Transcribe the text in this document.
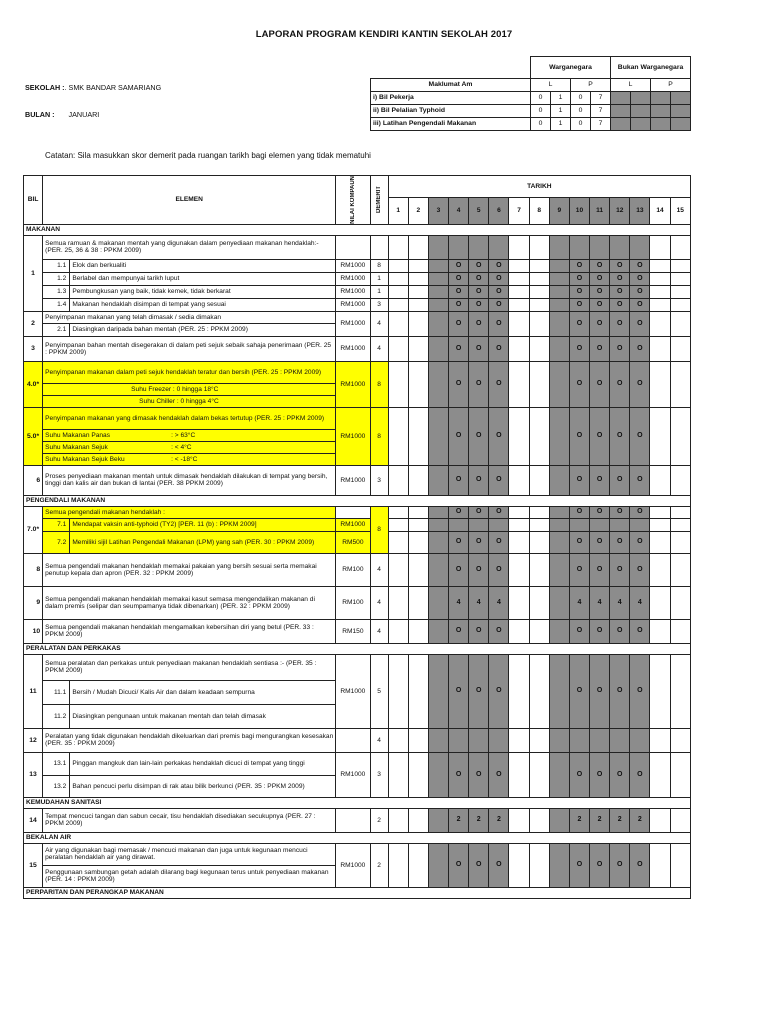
LAPORAN PROGRAM KENDIRI KANTIN SEKOLAH 2017
SEKOLAH :. SMK BANDAR SAMARIANG
BULAN : JANUARI
	Warganegara				Bukan Warganegara			
Maklumat Am	L		P		L		P	
i) Bil Pekerja	0	1	0	7				
ii) Bil Pelalian Typhoid	0	1	0	7				
iii) Latihan Pengendali Makanan	0	1	0	7				
Catatan: Sila masukkan skor demerit pada ruangan tarikh bagi elemen yang tidak mematuhi
BIL	ELEMEN		NILAI KOMPAUN	DEMERIT	TARIKH														
					1	2	3	4	5	6	7	8	9	10	11	12	13	14	15
MAKANAN																			
1	Semua ramuan & makanan mentah yang digunakan dalam penyediaan makanan hendaklah:- (PER. 25, 36 & 38 : PPKM 2009)																		
	1.1	Elok dan berkualiti	RM1000	8				O	O	O				O	O	O	O		
	1.2	Berlabel dan mempunyai tarikh luput	RM1000	1				O	O	O				O	O	O	O		
	1.3	Pembungkusan yang baik, tidak kemek, tidak berkarat	RM1000	1				O	O	O				O	O	O	O		
	1.4	Makanan hendaklah disimpan di tempat yang sesuai	RM1000	3				O	O	O				O	O	O	O		
2	Penyimpanan makanan yang telah dimasak / sedia dimakan		RM1000	4				O	O	O				O	O	O	O		
	2.1	Diasingkan daripada bahan mentah (PER. 25 : PPKM 2009)																	
3	Penyimpanan bahan mentah disegerakan di dalam peti sejuk sebaik sahaja penerimaan (PER. 25 : PPKM 2009)		RM1000	4				O	O	O				O	O	O	O		
4.0*	Penyimpanan makanan dalam peti sejuk hendaklah teratur dan bersih (PER. 25 : PPKM 2009)		RM1000	8				O	O	O				O	O	O	O		
	Suhu Freezer : 0 hingga 18°C																		
	Suhu Chiller : 0 hingga 4°C																		
5.0*	Penyimpanan makanan yang dimasak hendaklah dalam bekas tertutup (PER. 25 : PPKM 2009)		RM1000	8				O	O	O				O	O	O	O		
	Suhu Makanan Panas : > 63°C																		
	Suhu Makanan Sejuk : < 4°C																		
	Suhu Makanan Sejuk Beku : < -18°C																		
6	Proses penyediaan makanan mentah untuk dimasak hendaklah dilakukan di tempat yang bersih, tinggi dan kalis air dan bukan di lantai (PER. 38 PPKM 2009)		RM1000	3				O	O	O				O	O	O	O		
PENGENDALI MAKANAN																			
7.0*	Semua pengendali makanan hendaklah :			8				O	O	O				O	O	O	O		
	7.1	Mendapat vaksin anti-typhoid (TY2) [PER. 11 (b) : PPKM 2009]	RM1000																
	7.2	Memiliki sijil Latihan Pengendali Makanan (LPM) yang sah (PER. 30 : PPKM 2009)	RM500					O	O	O				O	O	O	O		
8	Semua pengendali makanan hendaklah memakai pakaian yang bersih sesuai serta memakai penutup kepala dan apron (PER. 32 : PPKM 2009)		RM100	4				O	O	O				O	O	O	O		
9	Semua pengendali makanan hendaklah memakai kasut semasa mengendalikan makanan di dalam premis (selipar dan seumpamanya tidak dibenarkan) (PER. 32 : PPKM 2009)		RM100	4				4	4	4				4	4	4	4		
10	Semua pengendali makanan hendaklah mengamalkan kebersihan diri yang betul (PER. 33 : PPKM 2009)		RM150	4				O	O	O				O	O	O	O		
PERALATAN DAN PERKAKAS																			
11	Semua peralatan dan perkakas untuk penyediaan makanan hendaklah sentiasa :- (PER. 35 : PPKM 2009)		RM1000	5				O	O	O				O	O	O	O		
	11.1	Bersih / Mudah Dicuci/ Kalis Air dan dalam keadaan sempurna																	
	11.2	Diasingkan pengunaan untuk makanan mentah dan telah dimasak																	
12	Peralatan yang tidak digunakan hendaklah dikeluarkan dari premis bagi mengurangkan kesesakan (PER. 35 : PPKM 2009)			4															
13	13.1	Pinggan mangkuk dan lain-lain perkakas hendaklah dicuci di tempat yang tinggi	RM1000	3				O	O	O				O	O	O	O		
	13.2	Bahan pencuci perlu disimpan di rak atau bilik berkunci (PER. 35 : PPKM 2009)																	
KEMUDAHAN SANITASI																			
14	Tempat mencuci tangan dan sabun cecair, tisu hendaklah disediakan secukupnya (PER. 27 : PPKM 2009)			2				2	2	2				2	2	2	2		
BEKALAN AIR																			
15	Air yang digunakan bagi memasak / mencuci makanan dan juga untuk kegunaan mencuci peralatan hendaklah air yang dirawat.		RM1000	2				O	O	O				O	O	O	O		
	Penggunaan sambungan getah adalah dilarang bagi kegunaan terus untuk penyediaan makanan (PER. 14 : PPKM 2009)																		
PERPARITAN DAN PERANGKAP MAKANAN																			
